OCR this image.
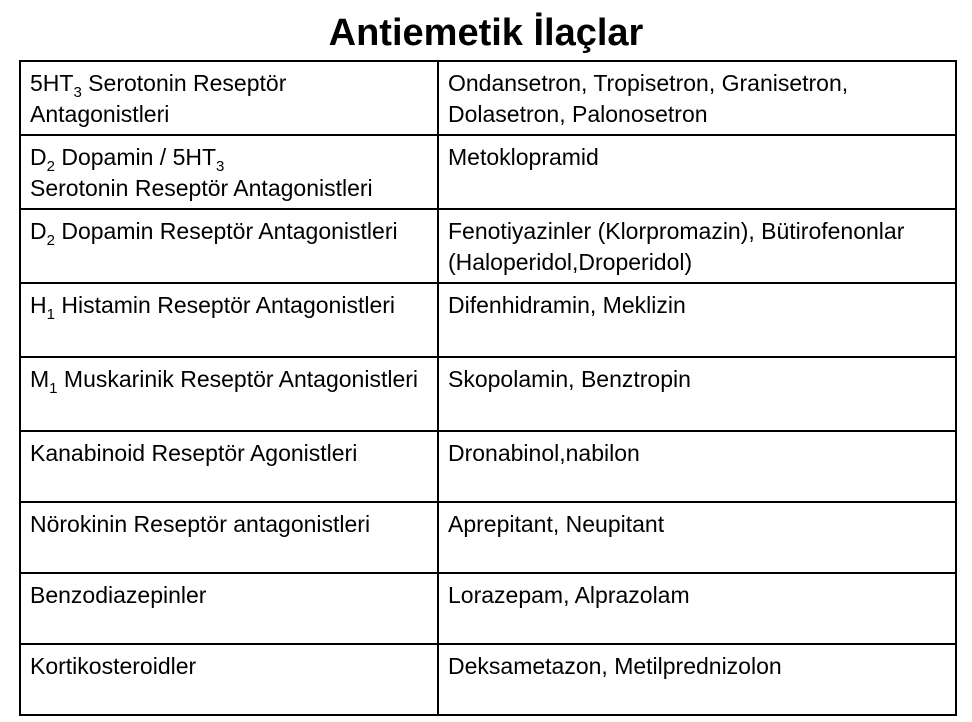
Antiemetik İlaçlar
$5HT_3$ Serotonin Reseptör Antagonistleri	Ondansetron, Tropisetron, Granisetron, Dolasetron, Palonosetron
$D_2$ Dopamin / $5HT_3$
Serotonin Reseptör Antagonistleri	Metoklopramid
$D_2$ Dopamin Reseptör Antagonistleri	Fenotiyazinler (Klorpromazin), Bütirofenonlar (Haloperidol,Droperidol)
$H_1$ Histamin Reseptör Antagonistleri	Difenhidramin, Meklizin
$M_1$ Muskarinik Reseptör Antagonistleri	Skopolamin, Benztropin
Kanabinoid Reseptör Agonistleri	Dronabinol,nabilon
Nörokinin Reseptör antagonistleri	Aprepitant, Neupitant
Benzodiazepinler	Lorazepam, Alprazolam
Kortikosteroidler	Deksametazon, Metilprednizolon
